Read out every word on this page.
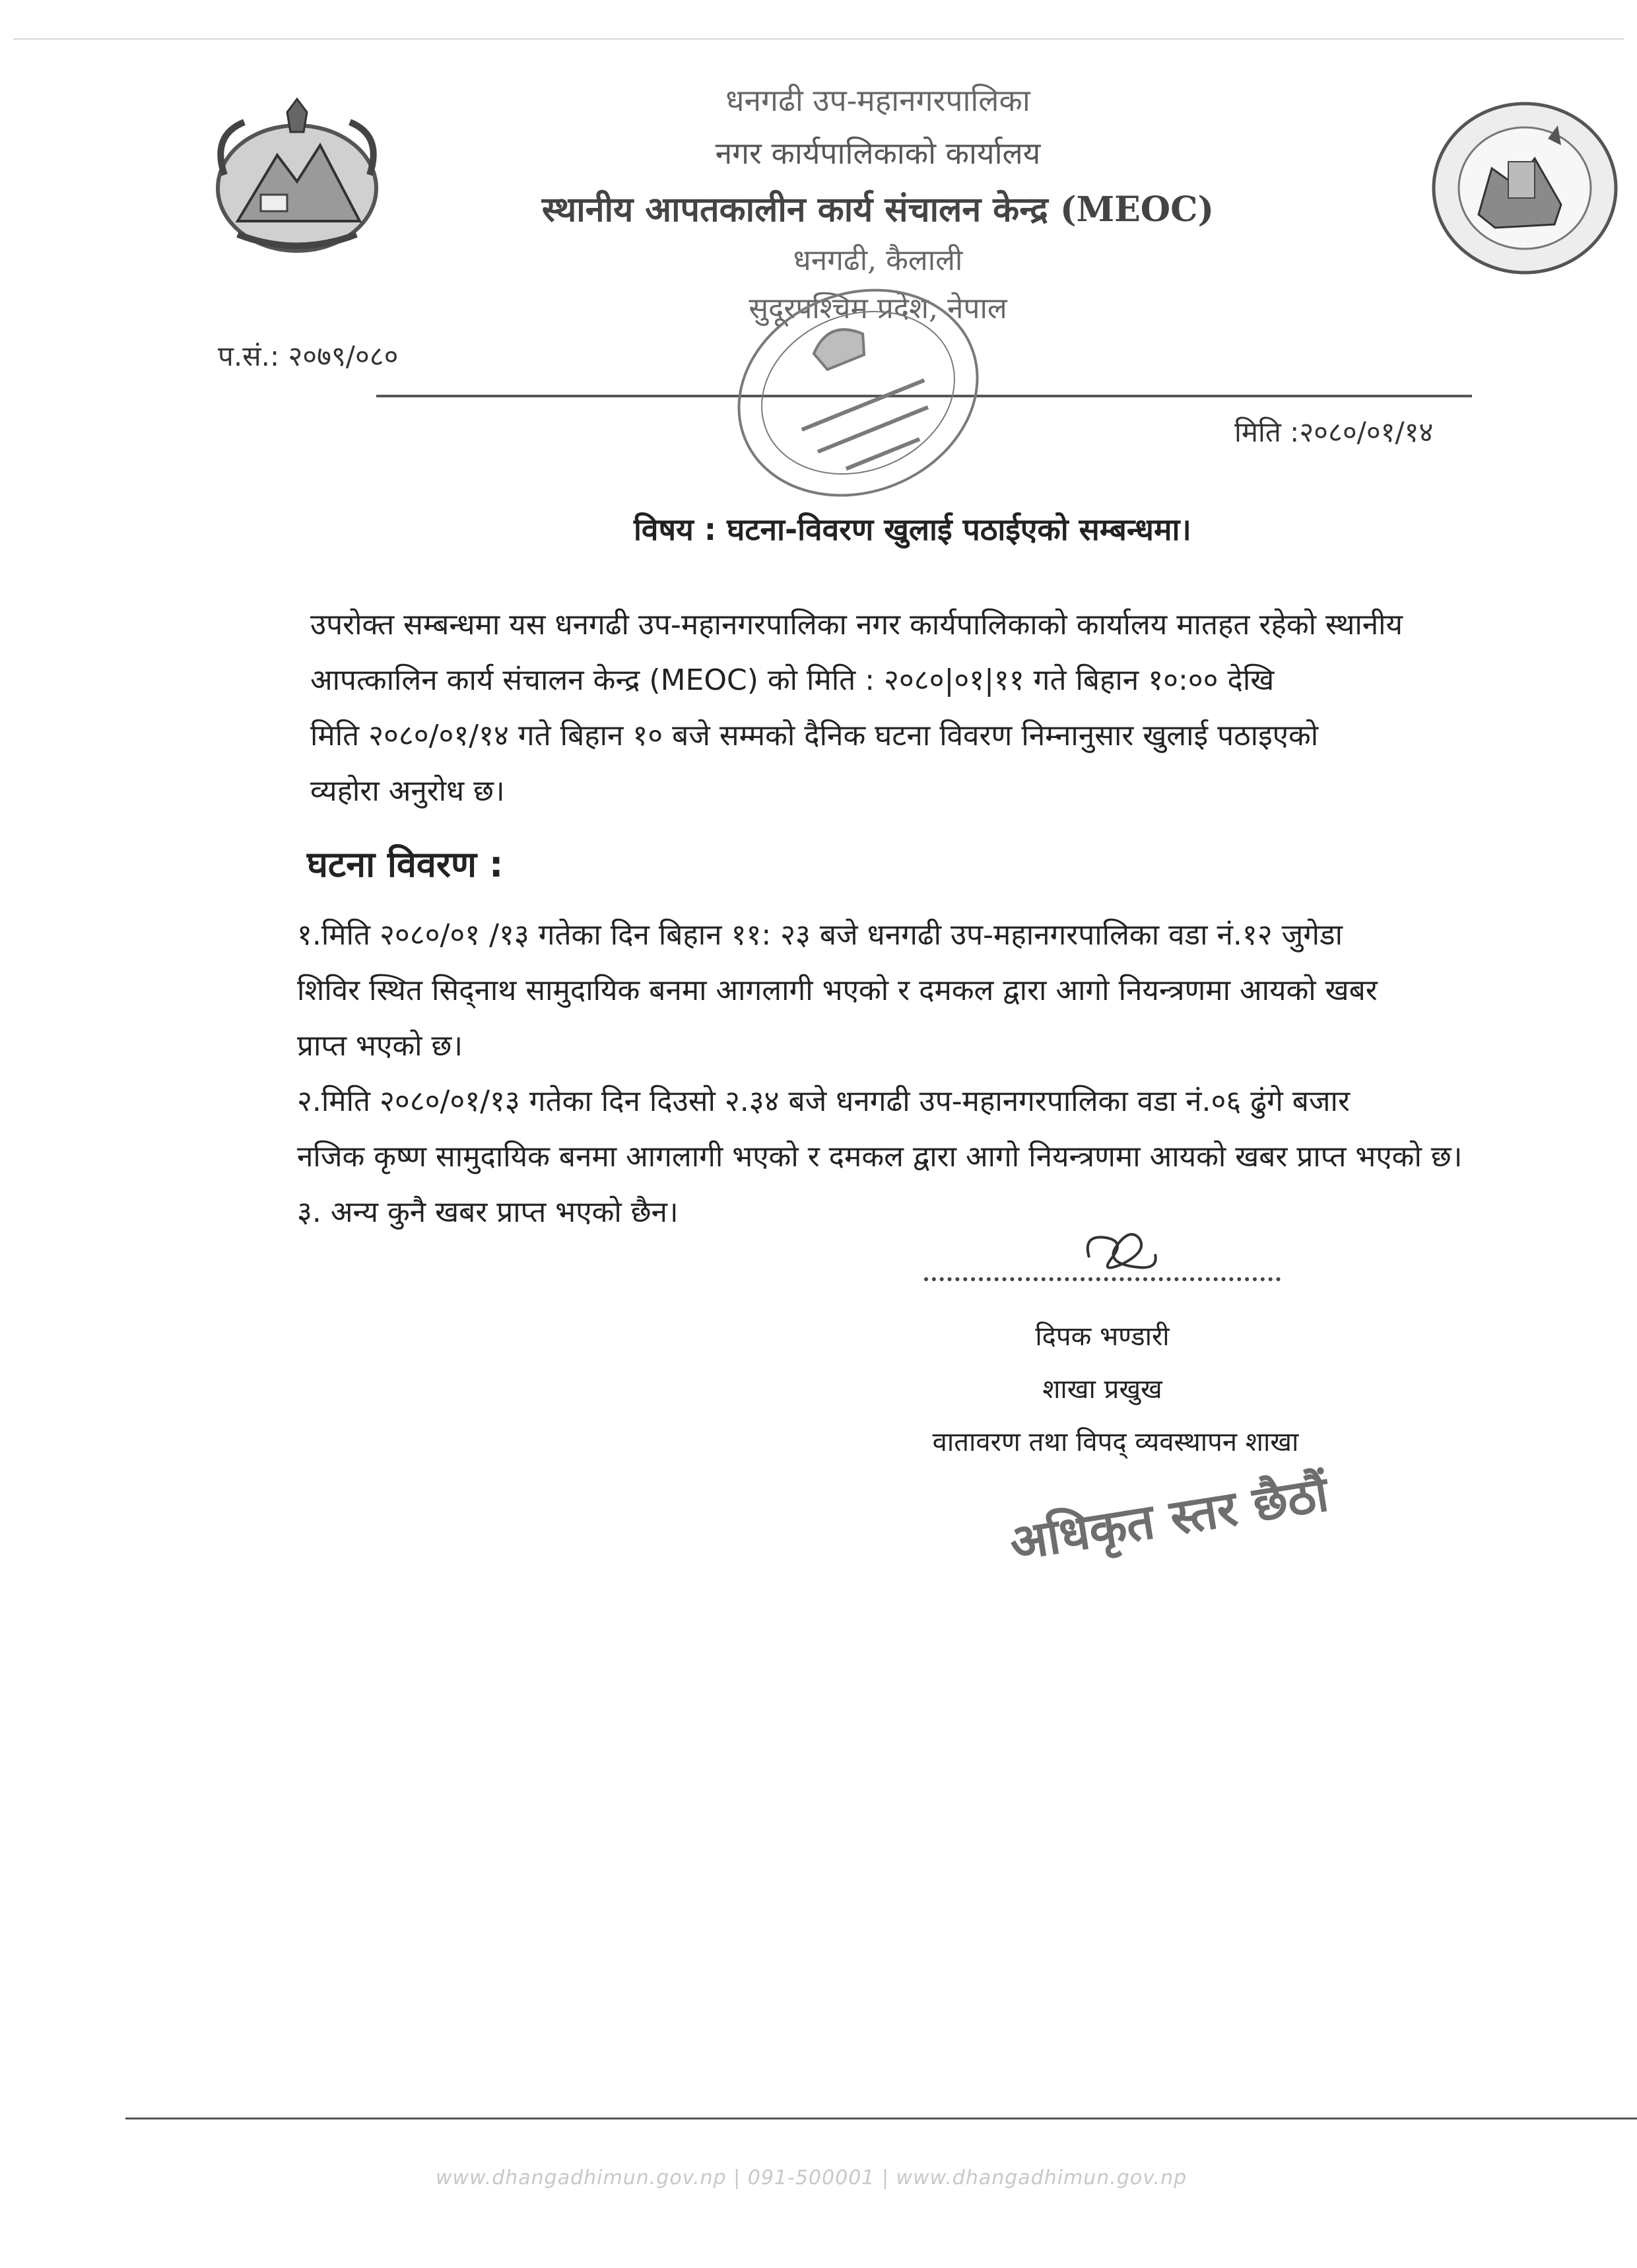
धनगढी उप-महानगरपालिका
नगर कार्यपालिकाको कार्यालय
स्थानीय आपतकालीन कार्य संचालन केन्द्र (MEOC)
धनगढी, कैलाली
सुदूरपश्चिम प्रदेश, नेपाल
प.सं.: २०७९/०८०
मिति :२०८०/०१/१४
विषय : घटना-विवरण खुलाई पठाईएको सम्बन्धमा।
उपरोक्त सम्बन्धमा यस धनगढी उप-महानगरपालिका नगर कार्यपालिकाको कार्यालय मातहत रहेको स्थानीय
आपत्कालिन कार्य संचालन केन्द्र (MEOC) को मिति : २०८०|०१|११ गते बिहान १०:०० देखि
मिति २०८०/०१/१४ गते बिहान १० बजे सम्मको दैनिक घटना विवरण निम्नानुसार खुलाई पठाइएको
व्यहोरा अनुरोध छ।
घटना विवरण :
१.मिति २०८०/०१ /१३ गतेका दिन बिहान ११: २३ बजे धनगढी उप-महानगरपालिका वडा नं.१२ जुगेडा
शिविर स्थित सिद्नाथ सामुदायिक बनमा आगलागी भएको र दमकल द्वारा आगो नियन्त्रणमा आयको खबर
प्राप्त भएको छ।
२.मिति २०८०/०१/१३ गतेका दिन दिउसो २.३४ बजे धनगढी उप-महानगरपालिका वडा नं.०६ ढुंगे बजार
नजिक कृष्ण सामुदायिक बनमा आगलागी भएको र दमकल द्वारा आगो नियन्त्रणमा आयको खबर प्राप्त भएको छ।
३. अन्य कुनै खबर प्राप्त भएको छैन।
दिपक भण्डारी
शाखा प्रखुख
वातावरण तथा विपद् व्यवस्थापन शाखा
अधिकृत स्तर छैठौं
www.dhangadhimun.gov.np | 091-500001 | www.dhangadhimun.gov.np
